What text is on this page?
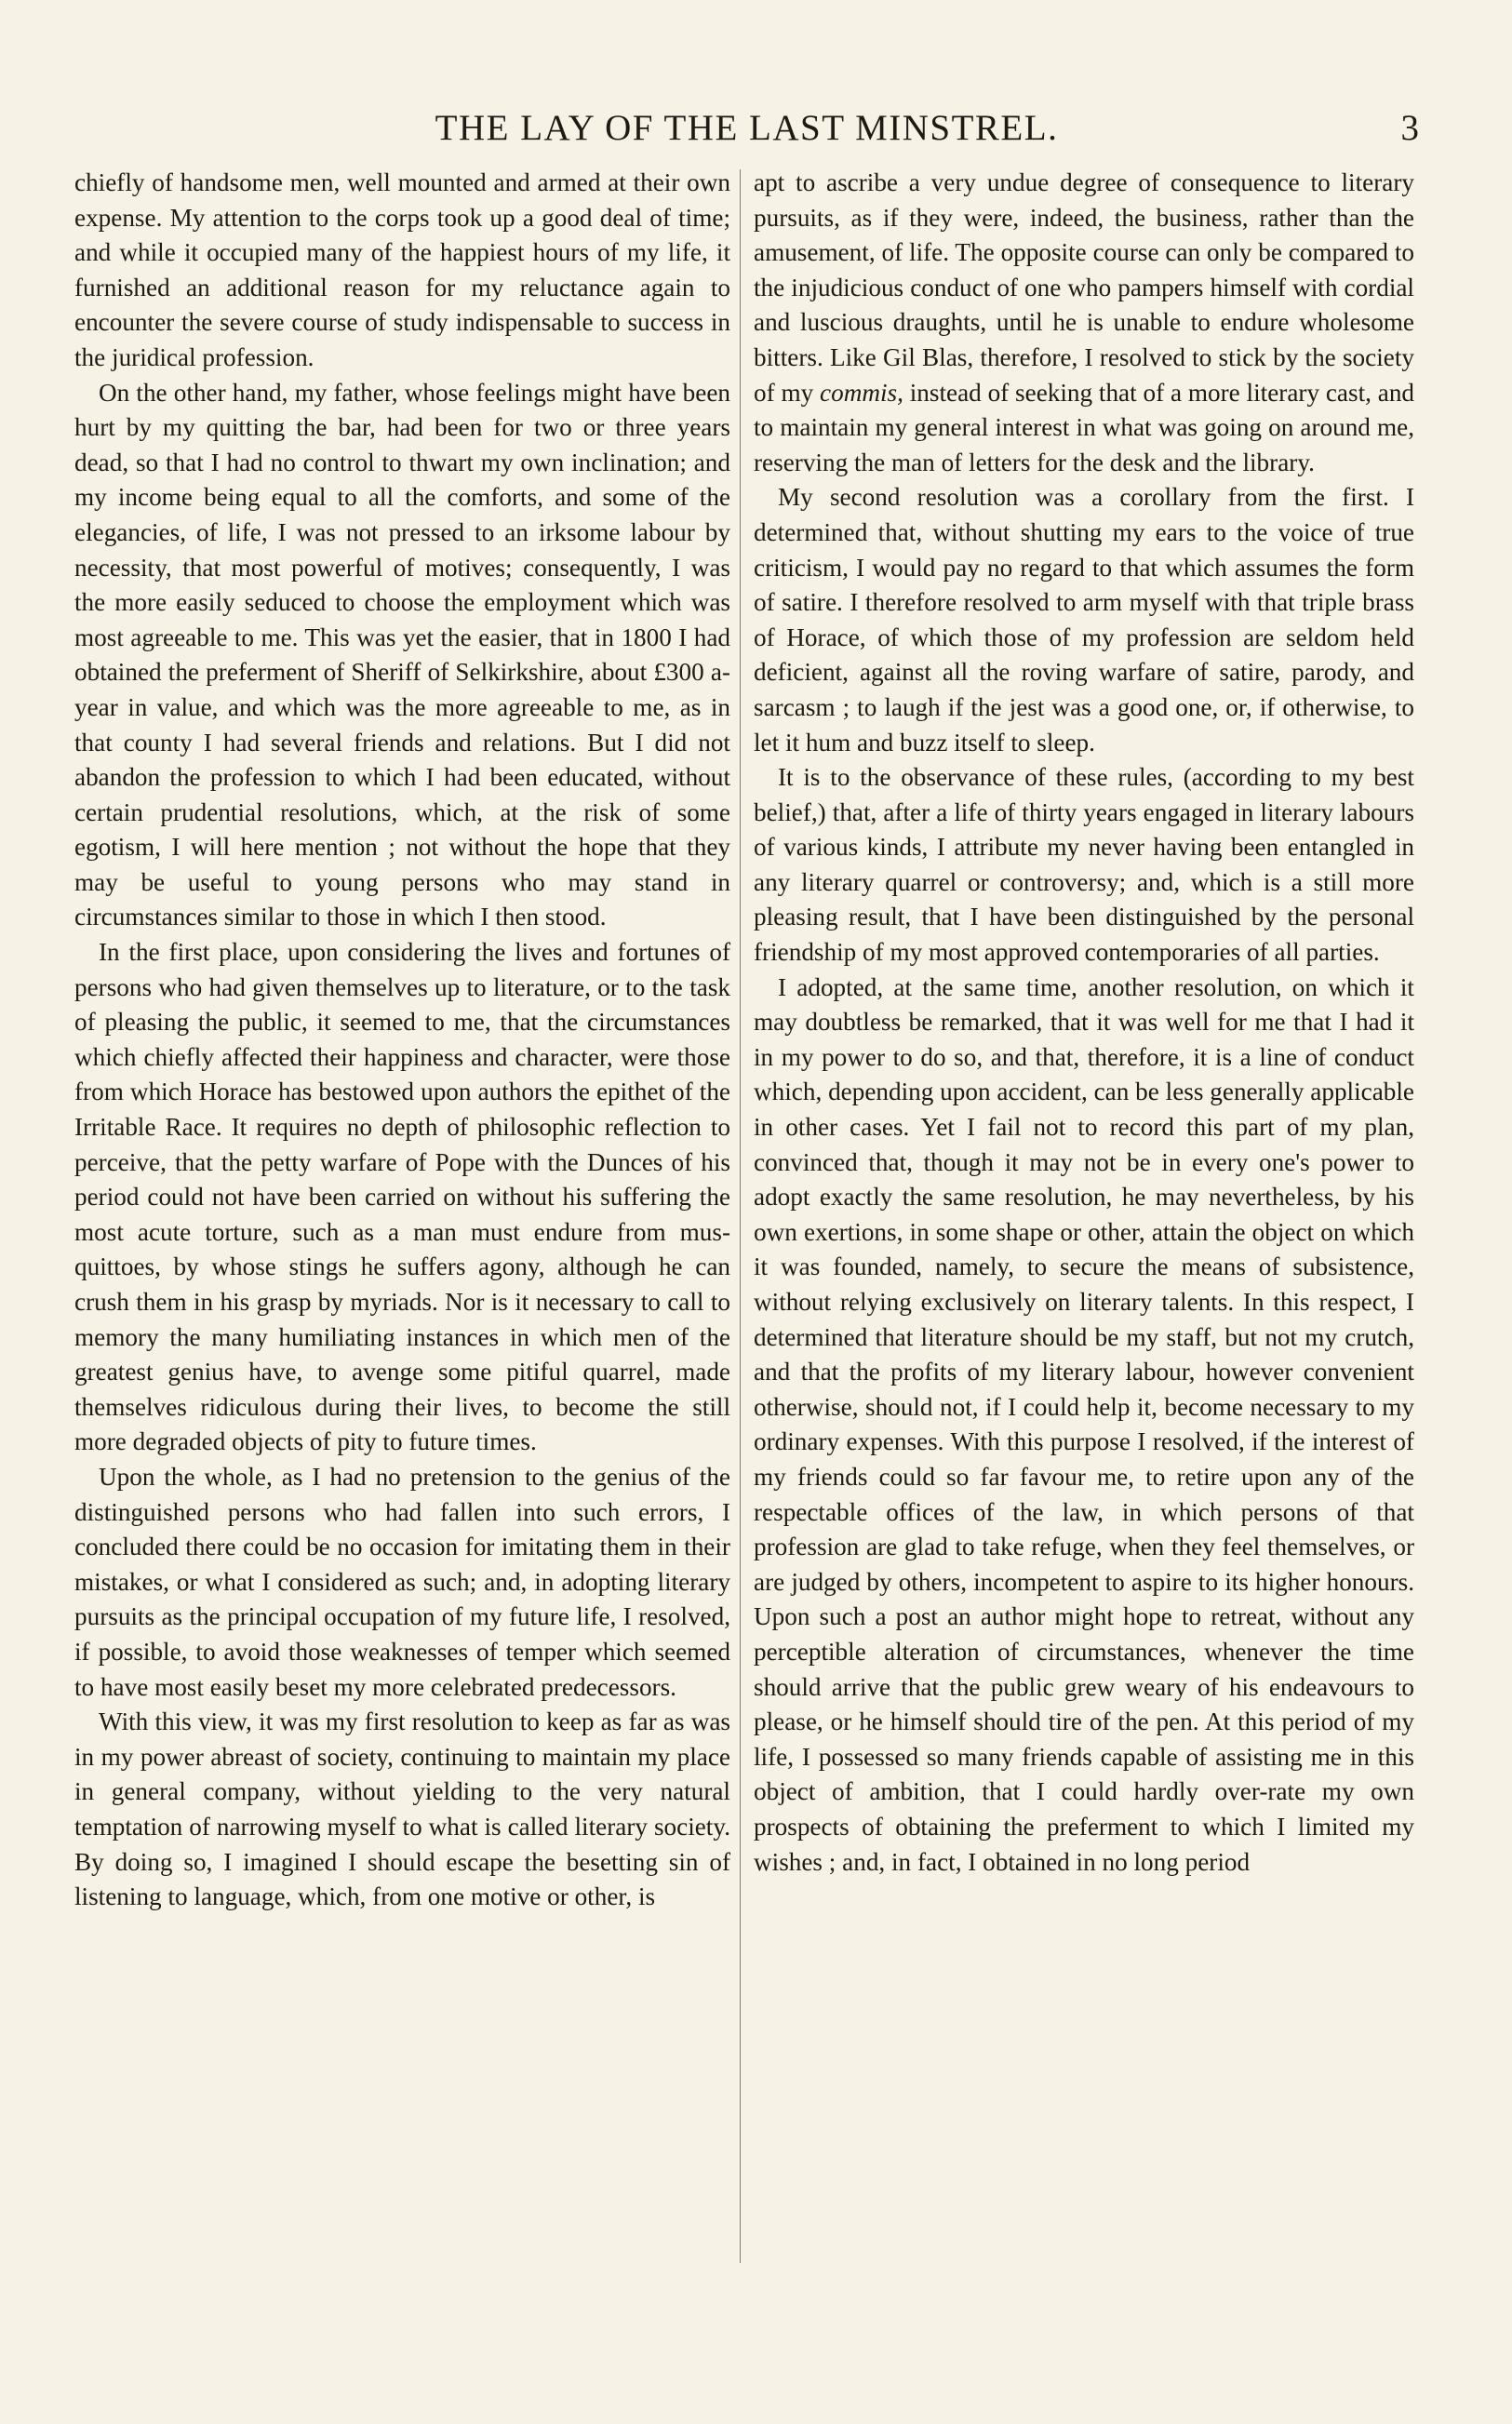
THE LAY OF THE LAST MINSTREL.	3

chiefly of handsome men, well mounted and armed at their own expense. My attention to the corps took up a good deal of time; and while it occupied many of the happiest hours of my life, it furnished an additional reason for my reluctance again to encounter the severe course of study indispensable to success in the juridical profession.

On the other hand, my father, whose feelings might have been hurt by my quitting the bar, had been for two or three years dead, so that I had no control to thwart my own inclination; and my income being equal to all the comforts, and some of the elegancies, of life, I was not pressed to an irksome labour by necessity, that most powerful of motives; consequently, I was the more easily seduced to choose the employment which was most agreeable to me. This was yet the easier, that in 1800 I had obtained the preferment of Sheriff of Selkirkshire, about £300 a-year in value, and which was the more agreeable to me, as in that county I had several friends and relations. But I did not abandon the profession to which I had been educated, without certain prudential resolutions, which, at the risk of some egotism, I will here mention ; not without the hope that they may be useful to young persons who may stand in circumstances similar to those in which I then stood.

In the first place, upon considering the lives and fortunes of persons who had given themselves up to literature, or to the task of pleasing the public, it seemed to me, that the circumstances which chiefly affected their happiness and character, were those from which Horace has bestowed upon authors the epithet of the Irritable Race. It requires no depth of philosophic reflection to perceive, that the petty warfare of Pope with the Dunces of his period could not have been carried on without his suffering the most acute torture, such as a man must endure from musquittoes, by whose stings he suffers agony, although he can crush them in his grasp by myriads. Nor is it necessary to call to memory the many humiliating instances in which men of the greatest genius have, to avenge some pitiful quarrel, made themselves ridiculous during their lives, to become the still more degraded objects of pity to future times.

Upon the whole, as I had no pretension to the genius of the distinguished persons who had fallen into such errors, I concluded there could be no occasion for imitating them in their mistakes, or what I considered as such; and, in adopting literary pursuits as the principal occupation of my future life, I resolved, if possible, to avoid those weaknesses of temper which seemed to have most easily beset my more celebrated predecessors.

With this view, it was my first resolution to keep as far as was in my power abreast of society, continuing to maintain my place in general company, without yielding to the very natural temptation of narrowing myself to what is called literary society. By doing so, I imagined I should escape the besetting sin of listening to language, which, from one motive or other, is

apt to ascribe a very undue degree of consequence to literary pursuits, as if they were, indeed, the business, rather than the amusement, of life. The opposite course can only be compared to the injudicious conduct of one who pampers himself with cordial and luscious draughts, until he is unable to endure wholesome bitters. Like Gil Blas, therefore, I resolved to stick by the society of my commis, instead of seeking that of a more literary cast, and to maintain my general interest in what was going on around me, reserving the man of letters for the desk and the library.

My second resolution was a corollary from the first. I determined that, without shutting my ears to the voice of true criticism, I would pay no regard to that which assumes the form of satire. I therefore resolved to arm myself with that triple brass of Horace, of which those of my profession are seldom held deficient, against all the roving warfare of satire, parody, and sarcasm ; to laugh if the jest was a good one, or, if otherwise, to let it hum and buzz itself to sleep.

It is to the observance of these rules, (according to my best belief,) that, after a life of thirty years engaged in literary labours of various kinds, I attribute my never having been entangled in any literary quarrel or controversy; and, which is a still more pleasing result, that I have been distinguished by the personal friendship of my most approved contemporaries of all parties.

I adopted, at the same time, another resolution, on which it may doubtless be remarked, that it was well for me that I had it in my power to do so, and that, therefore, it is a line of conduct which, depending upon accident, can be less generally applicable in other cases. Yet I fail not to record this part of my plan, convinced that, though it may not be in every one's power to adopt exactly the same resolution, he may nevertheless, by his own exertions, in some shape or other, attain the object on which it was founded, namely, to secure the means of subsistence, without relying exclusively on literary talents. In this respect, I determined that literature should be my staff, but not my crutch, and that the profits of my literary labour, however convenient otherwise, should not, if I could help it, become necessary to my ordinary expenses. With this purpose I resolved, if the interest of my friends could so far favour me, to retire upon any of the respectable offices of the law, in which persons of that profession are glad to take refuge, when they feel themselves, or are judged by others, incompetent to aspire to its higher honours. Upon such a post an author might hope to retreat, without any perceptible alteration of circumstances, whenever the time should arrive that the public grew weary of his endeavours to please, or he himself should tire of the pen. At this period of my life, I possessed so many friends capable of assisting me in this object of ambition, that I could hardly over-rate my own prospects of obtaining the preferment to which I limited my wishes ; and, in fact, I obtained in no long period
